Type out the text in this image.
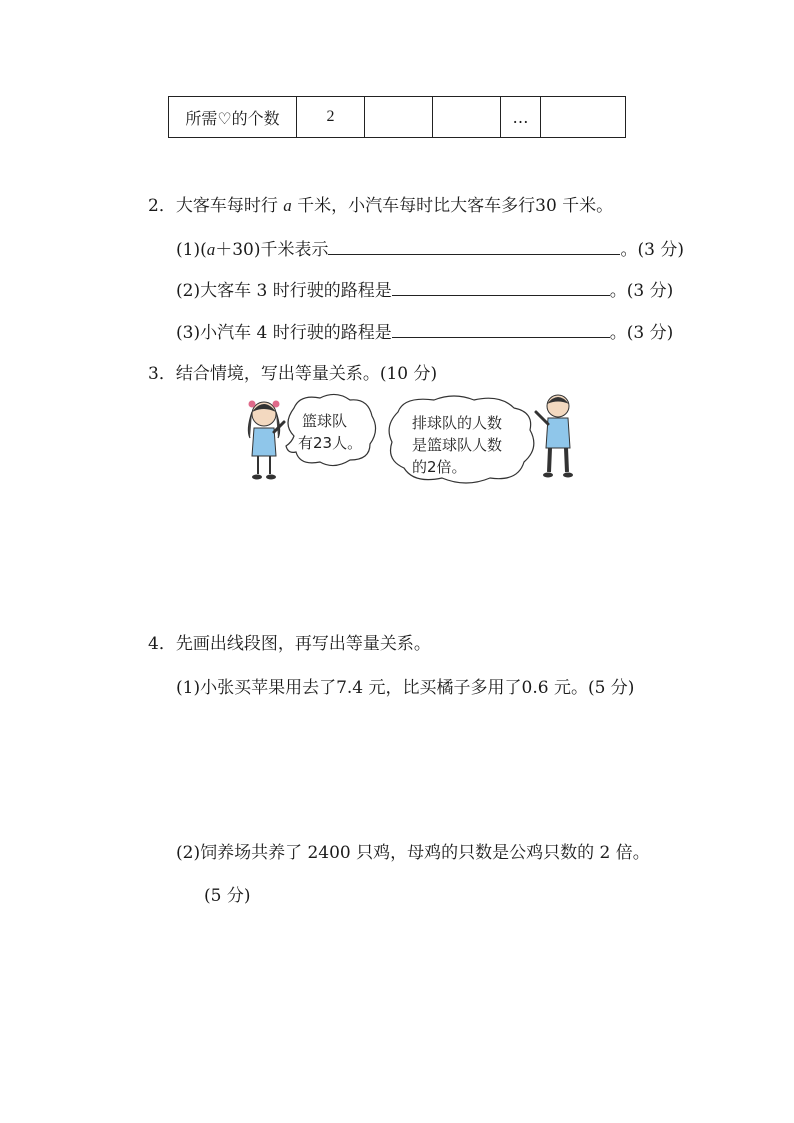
所需♡的个数	2			…	
2．大客车每时行 a 千米，小汽车每时比大客车多行30 千米。
(1)(a＋30)千米表示	。(3 分)
(2)大客车 3 时行驶的路程是	。(3 分)
(3)小汽车 4 时行驶的路程是	。(3 分)
3．结合情境，写出等量关系。(10 分)
篮球队
有23人。
排球队的人数
是篮球队人数
的2倍。
4．先画出线段图，再写出等量关系。
(1)小张买苹果用去了7.4 元，比买橘子多用了0.6 元。(5 分)
(2)饲养场共养了 2400 只鸡，母鸡的只数是公鸡只数的 2 倍。
(5 分)
